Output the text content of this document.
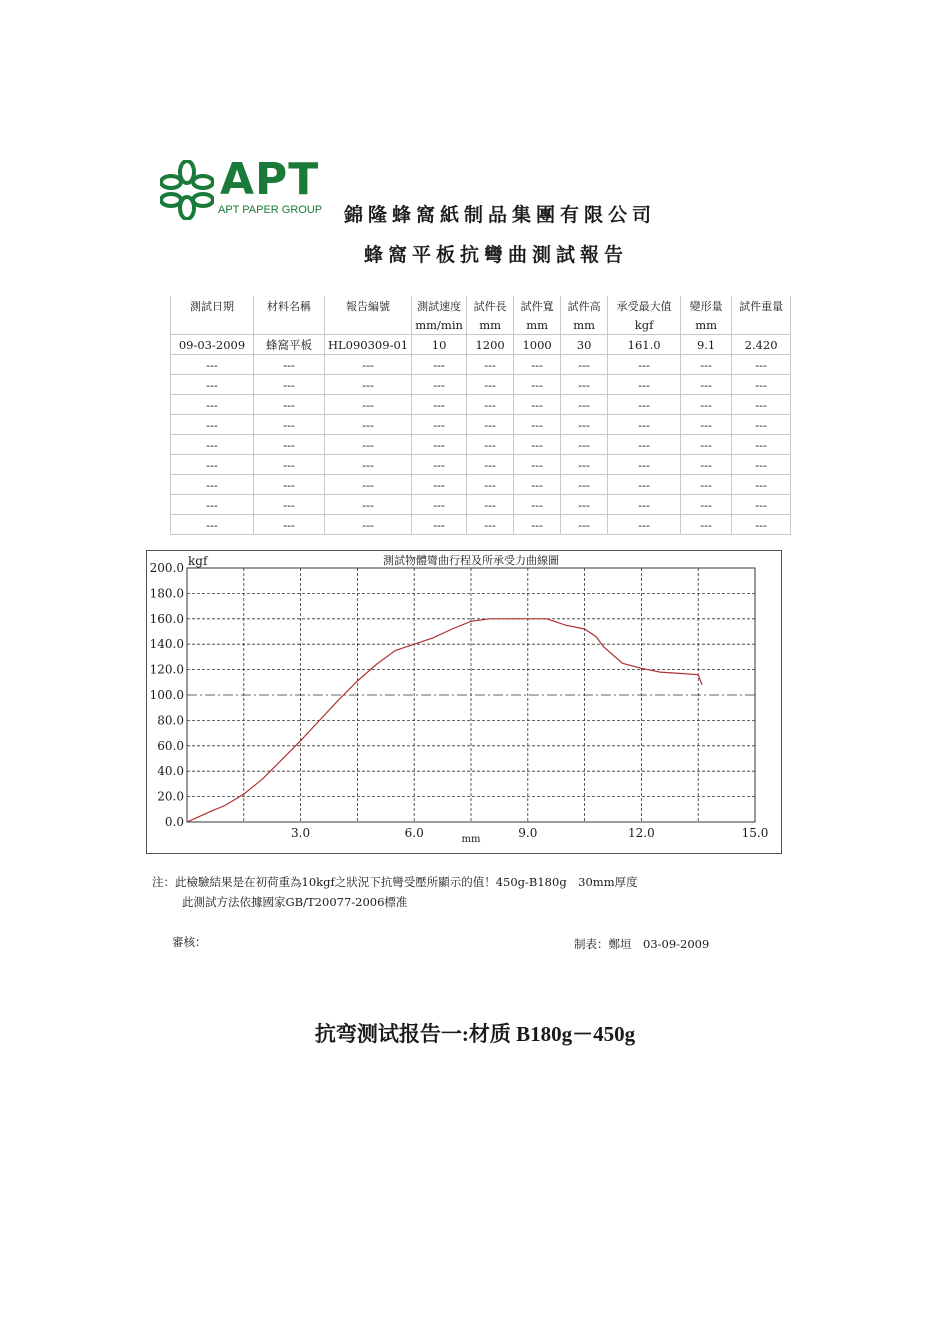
APT
APT PAPER GROUP 錦隆蜂窩紙制品集團有限公司
蜂窩平板抗彎曲測試報告
測試日期	材料名稱	報告編號	測試速度	試件長	試件寬	試件高	承受最大值	變形量	試件重量
			mm/min	mm	mm	mm	kgf	mm	
09-03-2009	蜂窩平板	HL090309-01	10	1200	1000	30	161.0	9.1	2.420
---	---	---	---	---	---	---	---	---	---
---	---	---	---	---	---	---	---	---	---
---	---	---	---	---	---	---	---	---	---
---	---	---	---	---	---	---	---	---	---
---	---	---	---	---	---	---	---	---	---
---	---	---	---	---	---	---	---	---	---
---	---	---	---	---	---	---	---	---	---
---	---	---	---	---	---	---	---	---	---
---	---	---	---	---	---	---	---	---	---
0.0
20.0
40.0
60.0
80.0
100.0
120.0
140.0
160.0
180.0
200.0
3.0	6.0	9.0	12.0	15.0
kgf
mm
測試物體彎曲行程及所承受力曲線圖
注：此檢驗結果是在初荷重為10kgf之狀況下抗彎受壓所顯示的值！450g-B180g　30mm厚度
此測試方法依據國家GB/T20077-2006標准
審核：	制表：鄭垣　03-09-2009
抗弯测试报告一:材质 B180g－450g
